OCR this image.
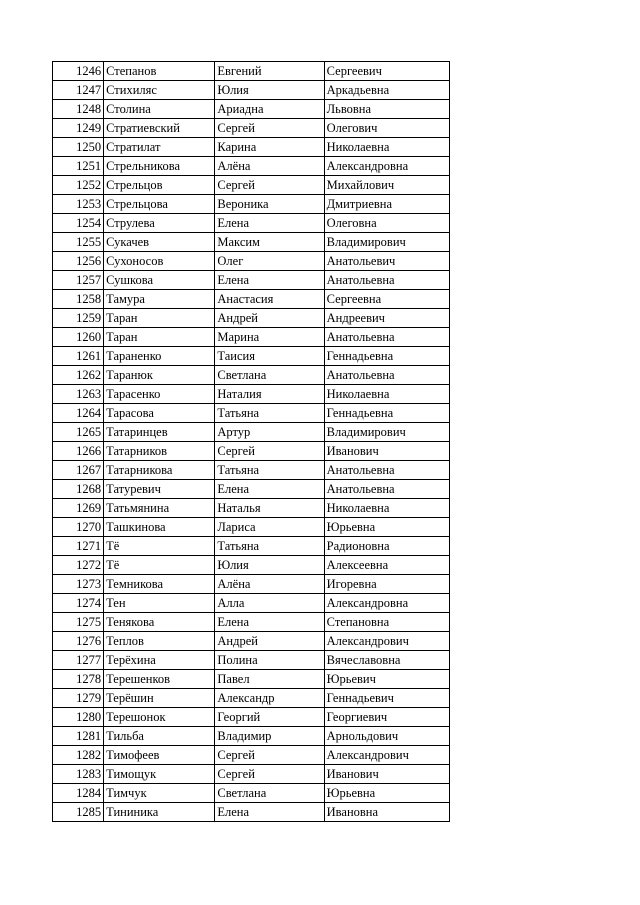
1246	Степанов	Евгений	Сергеевич
1247	Стихиляс	Юлия	Аркадьевна
1248	Столина	Ариадна	Львовна
1249	Стратиевский	Сергей	Олегович
1250	Стратилат	Карина	Николаевна
1251	Стрельникова	Алёна	Александровна
1252	Стрельцов	Сергей	Михайлович
1253	Стрельцова	Вероника	Дмитриевна
1254	Струлева	Елена	Олеговна
1255	Сукачев	Максим	Владимирович
1256	Сухоносов	Олег	Анатольевич
1257	Сушкова	Елена	Анатольевна
1258	Тамура	Анастасия	Сергеевна
1259	Таран	Андрей	Андреевич
1260	Таран	Марина	Анатольевна
1261	Тараненко	Таисия	Геннадьевна
1262	Таранюк	Светлана	Анатольевна
1263	Тарасенко	Наталия	Николаевна
1264	Тарасова	Татьяна	Геннадьевна
1265	Татаринцев	Артур	Владимирович
1266	Татарников	Сергей	Иванович
1267	Татарникова	Татьяна	Анатольевна
1268	Татуревич	Елена	Анатольевна
1269	Татьмянина	Наталья	Николаевна
1270	Ташкинова	Лариса	Юрьевна
1271	Тё	Татьяна	Радионовна
1272	Тё	Юлия	Алексеевна
1273	Темникова	Алёна	Игоревна
1274	Тен	Алла	Александровна
1275	Тенякова	Елена	Степановна
1276	Теплов	Андрей	Александрович
1277	Терёхина	Полина	Вячеславовна
1278	Терешенков	Павел	Юрьевич
1279	Терёшин	Александр	Геннадьевич
1280	Терешонок	Георгий	Георгиевич
1281	Тильба	Владимир	Арнольдович
1282	Тимофеев	Сергей	Александрович
1283	Тимощук	Сергей	Иванович
1284	Тимчук	Светлана	Юрьевна
1285	Тининика	Елена	Ивановна
